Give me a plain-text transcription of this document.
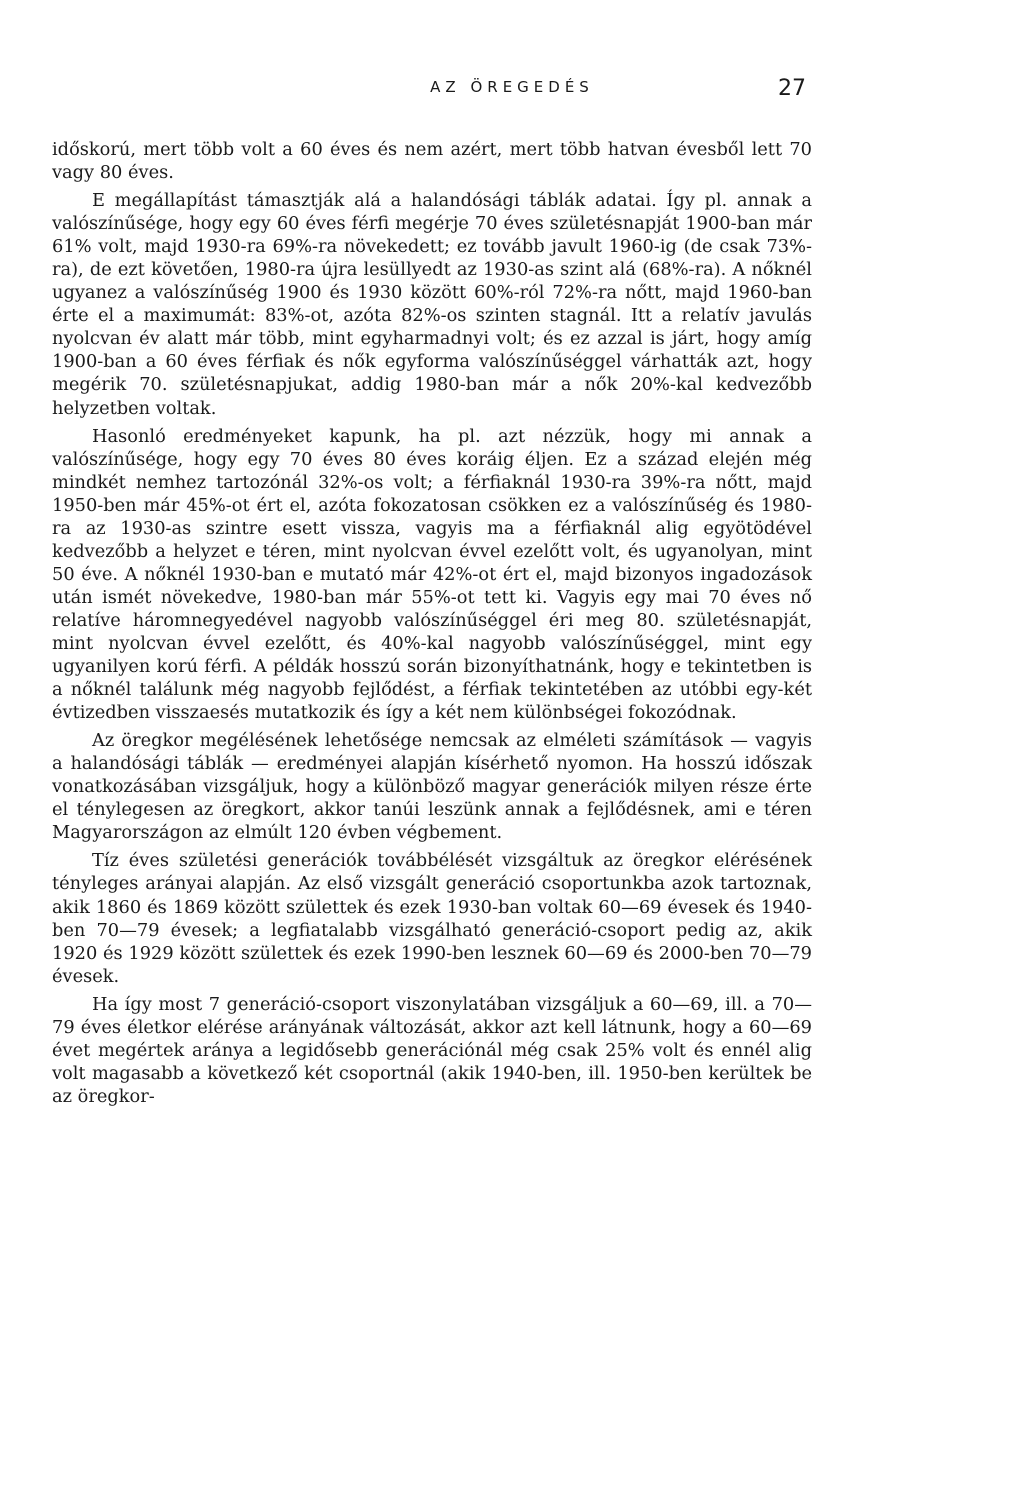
AZ ÖREGEDÉS	27

időskorú, mert több volt a 60 éves és nem azért, mert több hatvan évesből lett 70 vagy 80 éves.

E megállapítást támasztják alá a halandósági táblák adatai. Így pl. annak a valószínűsége, hogy egy 60 éves férfi megérje 70 éves születésnapját 1900-ban már 61% volt, majd 1930-ra 69%-ra növekedett; ez tovább javult 1960-ig (de csak 73%-ra), de ezt követően, 1980-ra újra lesüllyedt az 1930-as szint alá (68%-ra). A nőknél ugyanez a valószínűség 1900 és 1930 között 60%-ról 72%-ra nőtt, majd 1960-ban érte el a maximumát: 83%-ot, azóta 82%-os szinten stagnál. Itt a relatív javulás nyolcvan év alatt már több, mint egyharmadnyi volt; és ez azzal is járt, hogy amíg 1900-ban a 60 éves férfiak és nők egyforma valószínűséggel várhatták azt, hogy megérik 70. születésnapjukat, addig 1980-ban már a nők 20%-kal kedvezőbb helyzetben voltak.

Hasonló eredményeket kapunk, ha pl. azt nézzük, hogy mi annak a valószínűsége, hogy egy 70 éves 80 éves koráig éljen. Ez a század elején még mindkét nemhez tartozónál 32%-os volt; a férfiaknál 1930-ra 39%-ra nőtt, majd 1950-ben már 45%-ot ért el, azóta fokozatosan csökken ez a valószínűség és 1980-ra az 1930-as szintre esett vissza, vagyis ma a férfiaknál alig egyötödével kedvezőbb a helyzet e téren, mint nyolcvan évvel ezelőtt volt, és ugyanolyan, mint 50 éve. A nőknél 1930-ban e mutató már 42%-ot ért el, majd bizonyos ingadozások után ismét növekedve, 1980-ban már 55%-ot tett ki. Vagyis egy mai 70 éves nő relatíve háromnegyedével nagyobb valószínűséggel éri meg 80. születésnapját, mint nyolcvan évvel ezelőtt, és 40%-kal nagyobb valószínűséggel, mint egy ugyanilyen korú férfi. A példák hosszú során bizonyíthatnánk, hogy e tekintetben is a nőknél találunk még nagyobb fejlődést, a férfiak tekintetében az utóbbi egy-két évtizedben visszaesés mutatkozik és így a két nem különbségei fokozódnak.

Az öregkor megélésének lehetősége nemcsak az elméleti számítások — vagyis a halandósági táblák — eredményei alapján kísérhető nyomon. Ha hosszú időszak vonatkozásában vizsgáljuk, hogy a különböző magyar generációk milyen része érte el ténylegesen az öregkort, akkor tanúi leszünk annak a fejlődésnek, ami e téren Magyarországon az elmúlt 120 évben végbement.

Tíz éves születési generációk továbbélését vizsgáltuk az öregkor elérésének tényleges arányai alapján. Az első vizsgált generáció csoportunkba azok tartoznak, akik 1860 és 1869 között születtek és ezek 1930-ban voltak 60—69 évesek és 1940-ben 70—79 évesek; a legfiatalabb vizsgálható generáció-csoport pedig az, akik 1920 és 1929 között születtek és ezek 1990-ben lesznek 60—69 és 2000-ben 70—79 évesek.

Ha így most 7 generáció-csoport viszonylatában vizsgáljuk a 60—69, ill. a 70—79 éves életkor elérése arányának változását, akkor azt kell látnunk, hogy a 60—69 évet megértek aránya a legidősebb generációnál még csak 25% volt és ennél alig volt magasabb a következő két csoportnál (akik 1940-ben, ill. 1950-ben kerültek be az öregkor-
